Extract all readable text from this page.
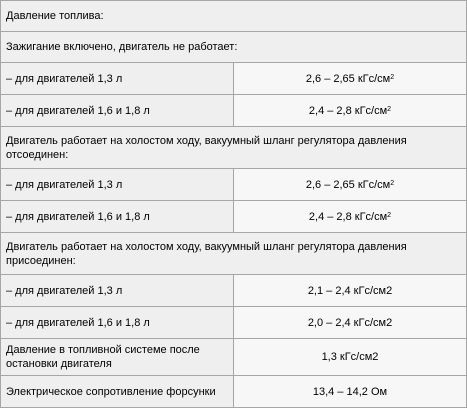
Давление топлива:	
Зажигание включено, двигатель не работает:	
– для двигателей 1,3 л	2,6 – 2,65 кГс/$см^2$
– для двигателей 1,6 и 1,8 л	2,4 – 2,8 кГс/$см^2$
Двигатель работает на холостом ходу, вакуумный шланг регулятора давления отсоединен:	
– для двигателей 1,3 л	2,6 – 2,65 кГс/$см^2$
– для двигателей 1,6 и 1,8 л	2,4 – 2,8 кГс/$см^2$
Двигатель работает на холостом ходу, вакуумный шланг регулятора давления присоединен:	
– для двигателей 1,3 л	2,1 – 2,4 кГс/см2
– для двигателей 1,6 и 1,8 л	2,0 – 2,4 кГс/см2
Давление в топливной системе после остановки двигателя	1,3 кГс/см2
Электрическое сопротивление форсунки	13,4 – 14,2 Ом
